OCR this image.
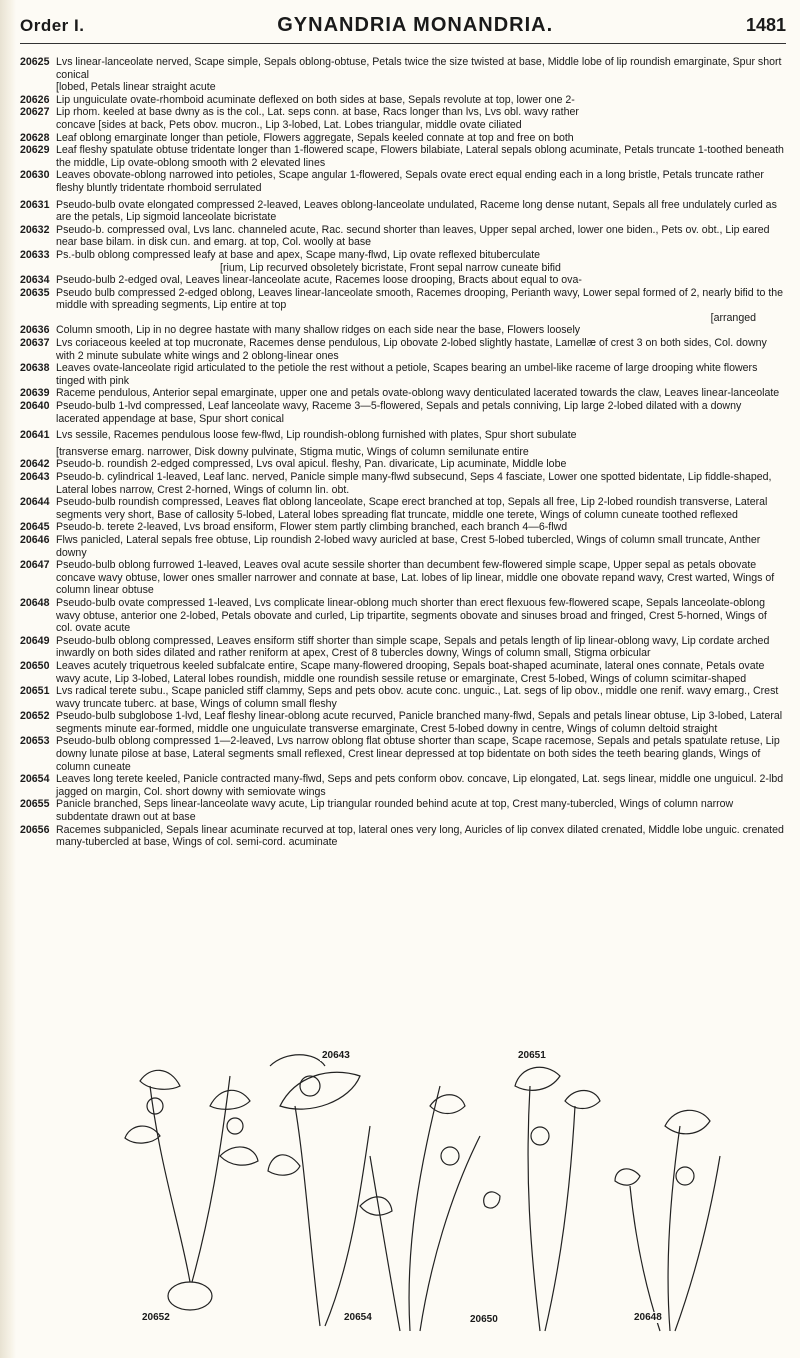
Order I.	GYNANDRIA MONANDRIA.	1481
20625 Lvs linear-lanceolate nerved, Scape simple, Sepals oblong-obtuse, Petals twice the size twisted at base, Middle lobe of lip roundish emarginate, Spur short conical
[lobed, Petals linear straight acute
20626 Lip unguiculate ovate-rhomboid acuminate deflexed on both sides at base, Sepals revolute at top, lower one 2-
20627 Lip rhom. keeled at base dwny as is the col., Lat. seps conn. at base, Racs longer than lvs, Lvs obl. wavy rather
concave [sides at back, Pets obov. mucron., Lip 3-lobed, Lat. Lobes triangular, middle ovate ciliated
20628 Leaf oblong emarginate longer than petiole, Flowers aggregate, Sepals keeled connate at top and free on both
20629 Leaf fleshy spatulate obtuse tridentate longer than 1-flowered scape, Flowers bilabiate, Lateral sepals oblong acuminate, Petals truncate 1-toothed beneath the middle, Lip ovate-oblong smooth with 2 elevated lines
20630 Leaves obovate-oblong narrowed into petioles, Scape angular 1-flowered, Sepals ovate erect equal ending each in a long bristle, Petals truncate rather fleshy bluntly tridentate rhomboid serrulated
20631 Pseudo-bulb ovate elongated compressed 2-leaved, Leaves oblong-lanceolate undulated, Raceme long dense nutant, Sepals all free undulately curled as are the petals, Lip sigmoid lanceolate bicristate
20632 Pseudo-b. compressed oval, Lvs lanc. channeled acute, Rac. secund shorter than leaves, Upper sepal arched, lower one biden., Pets ov. obt., Lip eared near base bilam. in disk cun. and emarg. at top, Col. woolly at base
20633 Ps.-bulb oblong compressed leafy at base and apex, Scape many-flwd, Lip ovate reflexed bituberculate
[rium, Lip recurved obsoletely bicristate, Front sepal narrow cuneate bifid
20634 Pseudo-bulb 2-edged oval, Leaves linear-lanceolate acute, Racemes loose drooping, Bracts about equal to ova-
20635 Pseudo bulb compressed 2-edged oblong, Leaves linear-lanceolate smooth, Racemes drooping, Perianth wavy, Lower sepal formed of 2, nearly bifid to the middle with spreading segments, Lip entire at top
[arranged
20636 Column smooth, Lip in no degree hastate with many shallow ridges on each side near the base, Flowers loosely
20637 Lvs coriaceous keeled at top mucronate, Racemes dense pendulous, Lip obovate 2-lobed slightly hastate, Lamellæ of crest 3 on both sides, Col. downy with 2 minute subulate white wings and 2 oblong-linear ones
20638 Leaves ovate-lanceolate rigid articulated to the petiole the rest without a petiole, Scapes bearing an umbel-like raceme of large drooping white flowers tinged with pink
20639 Raceme pendulous, Anterior sepal emarginate, upper one and petals ovate-oblong wavy denticulated lacerated towards the claw, Leaves linear-lanceolate
20640 Pseudo-bulb 1-lvd compressed, Leaf lanceolate wavy, Raceme 3—5-flowered, Sepals and petals conniving, Lip large 2-lobed dilated with a downy lacerated appendage at base, Spur short conical
20641 Lvs sessile, Racemes pendulous loose few-flwd, Lip roundish-oblong furnished with plates, Spur short subulate
[transverse emarg. narrower, Disk downy pulvinate, Stigma mutic, Wings of column semilunate entire
20642 Pseudo-b. roundish 2-edged compressed, Lvs oval apicul. fleshy, Pan. divaricate, Lip acuminate, Middle lobe
20643 Pseudo-b. cylindrical 1-leaved, Leaf lanc. nerved, Panicle simple many-flwd subsecund, Seps 4 fasciate, Lower one spotted bidentate, Lip fiddle-shaped, Lateral lobes narrow, Crest 2-horned, Wings of column lin. obt.
20644 Pseudo-bulb roundish compressed, Leaves flat oblong lanceolate, Scape erect branched at top, Sepals all free, Lip 2-lobed roundish transverse, Lateral segments very short, Base of callosity 5-lobed, Lateral lobes spreading flat truncate, middle one terete, Wings of column cuneate toothed reflexed
20645 Pseudo-b. terete 2-leaved, Lvs broad ensiform, Flower stem partly climbing branched, each branch 4—6-flwd
20646 Flws panicled, Lateral sepals free obtuse, Lip roundish 2-lobed wavy auricled at base, Crest 5-lobed tubercled, Wings of column small truncate, Anther downy
20647 Pseudo-bulb oblong furrowed 1-leaved, Leaves oval acute sessile shorter than decumbent few-flowered simple scape, Upper sepal as petals obovate concave wavy obtuse, lower ones smaller narrower and connate at base, Lat. lobes of lip linear, middle one obovate repand wavy, Crest warted, Wings of column linear obtuse
20648 Pseudo-bulb ovate compressed 1-leaved, Lvs complicate linear-oblong much shorter than erect flexuous few-flowered scape, Sepals lanceolate-oblong wavy obtuse, anterior one 2-lobed, Petals obovate and curled, Lip tripartite, segments obovate and sinuses broad and fringed, Crest 5-horned, Wings of col. ovate acute
20649 Pseudo-bulb oblong compressed, Leaves ensiform stiff shorter than simple scape, Sepals and petals length of lip linear-oblong wavy, Lip cordate arched inwardly on both sides dilated and rather reniform at apex, Crest of 8 tubercles downy, Wings of column small, Stigma orbicular
20650 Leaves acutely triquetrous keeled subfalcate entire, Scape many-flowered drooping, Sepals boat-shaped acuminate, lateral ones connate, Petals ovate wavy acute, Lip 3-lobed, Lateral lobes roundish, middle one roundish sessile retuse or emarginate, Crest 5-lobed, Wings of column scimitar-shaped
20651 Lvs radical terete subu., Scape panicled stiff clammy, Seps and pets obov. acute conc. unguic., Lat. segs of lip obov., middle one renif. wavy emarg., Crest wavy truncate tuberc. at base, Wings of column small fleshy
20652 Pseudo-bulb subglobose 1-lvd, Leaf fleshy linear-oblong acute recurved, Panicle branched many-flwd, Sepals and petals linear obtuse, Lip 3-lobed, Lateral segments minute ear-formed, middle one unguiculate transverse emarginate, Crest 5-lobed downy in centre, Wings of column deltoid straight
20653 Pseudo-bulb oblong compressed 1—2-leaved, Lvs narrow oblong flat obtuse shorter than scape, Scape racemose, Sepals and petals spatulate retuse, Lip downy lunate pilose at base, Lateral segments small reflexed, Crest linear depressed at top bidentate on both sides the teeth bearing glands, Wings of column cuneate
20654 Leaves long terete keeled, Panicle contracted many-flwd, Seps and pets conform obov. concave, Lip elongated, Lat. segs linear, middle one unguicul. 2-lbd jagged on margin, Col. short downy with semiovate wings
20655 Panicle branched, Seps linear-lanceolate wavy acute, Lip triangular rounded behind acute at top, Crest many-tubercled, Wings of column narrow subdentate drawn out at base
20656 Racemes subpanicled, Sepals linear acuminate recurved at top, lateral ones very long, Auricles of lip convex dilated crenated, Middle lobe unguic. crenated many-tubercled at base, Wings of col. semi-cord. acuminate
20643	20651
20652	20654	20650	20648
